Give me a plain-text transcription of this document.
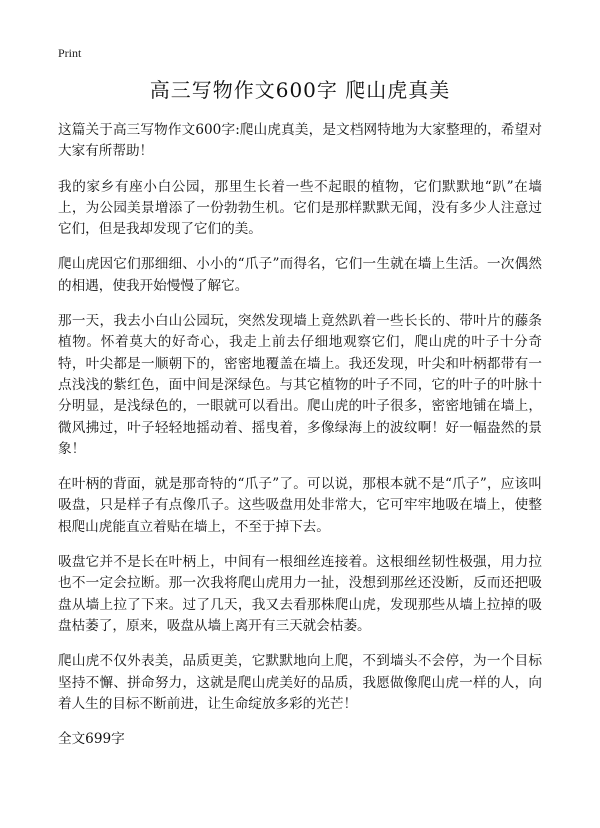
Print
高三写物作文600字 爬山虎真美

这篇关于高三写物作文600字:爬山虎真美，是文档网特地为大家整理的，希望对大家有所帮助！

我的家乡有座小白公园，那里生长着一些不起眼的植物，它们默默地“趴”在墙上，为公园美景增添了一份勃勃生机。它们是那样默默无闻，没有多少人注意过它们，但是我却发现了它们的美。

爬山虎因它们那细细、小小的“爪子”而得名，它们一生就在墙上生活。一次偶然的相遇，使我开始慢慢了解它。

那一天，我去小白山公园玩，突然发现墙上竟然趴着一些长长的、带叶片的藤条植物。怀着莫大的好奇心，我走上前去仔细地观察它们，爬山虎的叶子十分奇特，叶尖都是一顺朝下的，密密地覆盖在墙上。我还发现，叶尖和叶柄都带有一点浅浅的紫红色，面中间是深绿色。与其它植物的叶子不同，它的叶子的叶脉十分明显，是浅绿色的，一眼就可以看出。爬山虎的叶子很多，密密地铺在墙上，微风拂过，叶子轻轻地摇动着、摇曳着，多像绿海上的波纹啊！好一幅盎然的景象！

在叶柄的背面，就是那奇特的“爪子”了。可以说，那根本就不是“爪子”，应该叫吸盘，只是样子有点像爪子。这些吸盘用处非常大，它可牢牢地吸在墙上，使整根爬山虎能直立着贴在墙上，不至于掉下去。

吸盘它并不是长在叶柄上，中间有一根细丝连接着。这根细丝韧性极强，用力拉也不一定会拉断。那一次我将爬山虎用力一扯，没想到那丝还没断，反而还把吸盘从墙上拉了下来。过了几天，我又去看那株爬山虎，发现那些从墙上拉掉的吸盘枯萎了，原来，吸盘从墙上离开有三天就会枯萎。

爬山虎不仅外表美，品质更美，它默默地向上爬，不到墙头不会停，为一个目标坚持不懈、拼命努力，这就是爬山虎美好的品质，我愿做像爬山虎一样的人，向着人生的目标不断前进，让生命绽放多彩的光芒！

全文699字
